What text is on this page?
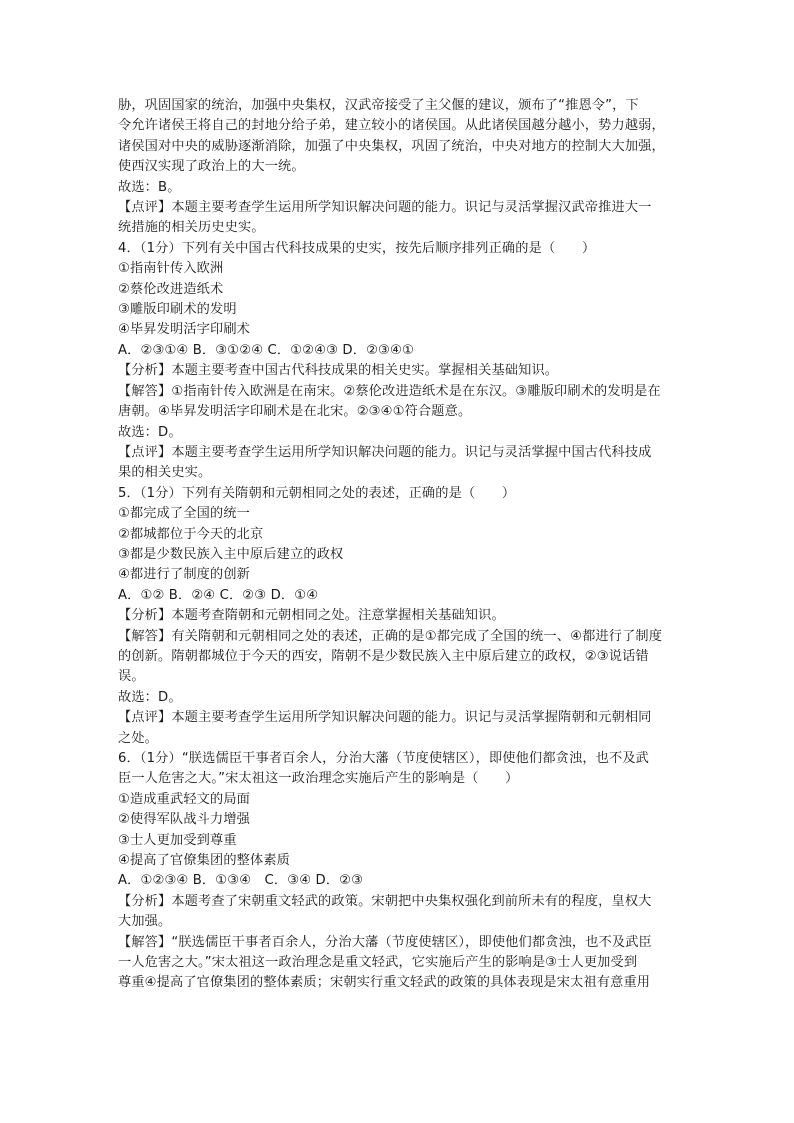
胁，巩固国家的统治，加强中央集权，汉武帝接受了主父偃的建议，颁布了“推恩令”，下
令允许诸侯王将自己的封地分给子弟，建立较小的诸侯国。从此诸侯国越分越小，势力越弱，
诸侯国对中央的威胁逐渐消除，加强了中央集权，巩固了统治，中央对地方的控制大大加强，
使西汉实现了政治上的大一统。
故选：B。
【点评】本题主要考查学生运用所学知识解决问题的能力。识记与灵活掌握汉武帝推进大一
统措施的相关历史史实。
4．（1分）下列有关中国古代科技成果的史实，按先后顺序排列正确的是（　　）
①指南针传入欧洲
②蔡伦改进造纸术
③雕版印刷术的发明
④毕昇发明活字印刷术
A．②③①④ B．③①②④ C．①②④③ D．②③④①
【分析】本题主要考查中国古代科技成果的相关史实。掌握相关基础知识。
【解答】①指南针传入欧洲是在南宋。②蔡伦改进造纸术是在东汉。③雕版印刷术的发明是在
唐朝。④毕昇发明活字印刷术是在北宋。②③④①符合题意。
故选：D。
【点评】本题主要考查学生运用所学知识解决问题的能力。识记与灵活掌握中国古代科技成
果的相关史实。
5．（1分）下列有关隋朝和元朝相同之处的表述，正确的是（　　）
①都完成了全国的统一
②都城都位于今天的北京
③都是少数民族入主中原后建立的政权
④都进行了制度的创新
A．①② B．②④ C．②③ D．①④
【分析】本题考查隋朝和元朝相同之处。注意掌握相关基础知识。
【解答】有关隋朝和元朝相同之处的表述，正确的是①都完成了全国的统一、④都进行了制度
的创新。隋朝都城位于今天的西安，隋朝不是少数民族入主中原后建立的政权，②③说话错
误。
故选：D。
【点评】本题主要考查学生运用所学知识解决问题的能力。识记与灵活掌握隋朝和元朝相同
之处。
6．（1分）“朕选儒臣干事者百余人，分治大藩（节度使辖区），即使他们都贪浊，也不及武
臣一人危害之大。”宋太祖这一政治理念实施后产生的影响是（　　）
①造成重武轻文的局面
②使得军队战斗力增强
③士人更加受到尊重
④提高了官僚集团的整体素质
A．①②③④ B．①③④　C．③④ D．②③
【分析】本题考查了宋朝重文轻武的政策。宋朝把中央集权强化到前所未有的程度，皇权大
大加强。
【解答】“朕选儒臣干事者百余人，分治大藩（节度使辖区），即使他们都贪浊，也不及武臣
一人危害之大。”宋太祖这一政治理念是重文轻武，它实施后产生的影响是③士人更加受到
尊重④提高了官僚集团的整体素质；宋朝实行重文轻武的政策的具体表现是宋太祖有意重用
